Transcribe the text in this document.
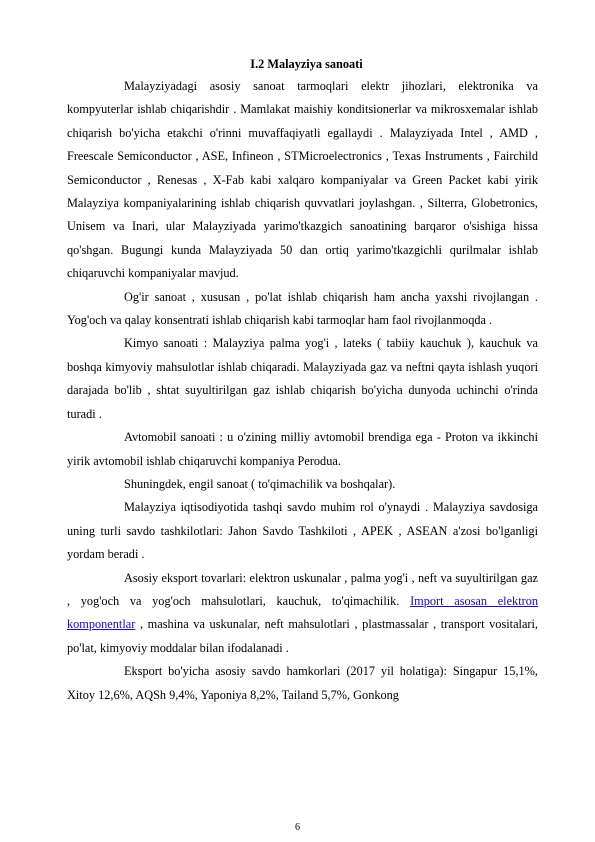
I.2 Malayziya sanoati

Malayziyadagi asosiy sanoat tarmoqlari elektr jihozlari, elektronika va kompyuterlar ishlab chiqarishdir . Mamlakat maishiy konditsionerlar va mikrosxemalar ishlab chiqarish bo'yicha etakchi o'rinni muvaffaqiyatli egallaydi . Malayziyada Intel , AMD , Freescale Semiconductor , ASE, Infineon , STMicroelectronics , Texas Instruments , Fairchild Semiconductor , Renesas , X-Fab kabi xalqaro kompaniyalar va Green Packet kabi yirik Malayziya kompaniyalarining ishlab chiqarish quvvatlari joylashgan. , Silterra, Globetronics, Unisem va Inari, ular Malayziyada yarimo'tkazgich sanoatining barqaror o'sishiga hissa qo'shgan. Bugungi kunda Malayziyada 50 dan ortiq yarimo'tkazgichli qurilmalar ishlab chiqaruvchi kompaniyalar mavjud.

Og'ir sanoat , xususan , po'lat ishlab chiqarish ham ancha yaxshi rivojlangan . Yog'och va qalay konsentrati ishlab chiqarish kabi tarmoqlar ham faol rivojlanmoqda .

Kimyo sanoati : Malayziya palma yog'i , lateks ( tabiiy kauchuk ), kauchuk va boshqa kimyoviy mahsulotlar ishlab chiqaradi. Malayziyada gaz va neftni qayta ishlash yuqori darajada bo'lib , shtat suyultirilgan gaz ishlab chiqarish bo'yicha dunyoda uchinchi o'rinda turadi .

Avtomobil sanoati : u o'zining milliy avtomobil brendiga ega - Proton va ikkinchi yirik avtomobil ishlab chiqaruvchi kompaniya Perodua.

Shuningdek, engil sanoat ( to'qimachilik va boshqalar).

Malayziya iqtisodiyotida tashqi savdo muhim rol o'ynaydi . Malayziya savdosiga uning turli savdo tashkilotlari: Jahon Savdo Tashkiloti , APEK , ASEAN a'zosi bo'lganligi yordam beradi .

Asosiy eksport tovarlari: elektron uskunalar , palma yog'i , neft va suyultirilgan gaz , yog'och va yog'och mahsulotlari, kauchuk, to'qimachilik. Import asosan elektron komponentlar , mashina va uskunalar, neft mahsulotlari , plastmassalar , transport vositalari, po'lat, kimyoviy moddalar bilan ifodalanadi .

Eksport bo'yicha asosiy savdo hamkorlari (2017 yil holatiga): Singapur 15,1%, Xitoy 12,6%, AQSh 9,4%, Yaponiya 8,2%, Tailand 5,7%, Gonkong

6
